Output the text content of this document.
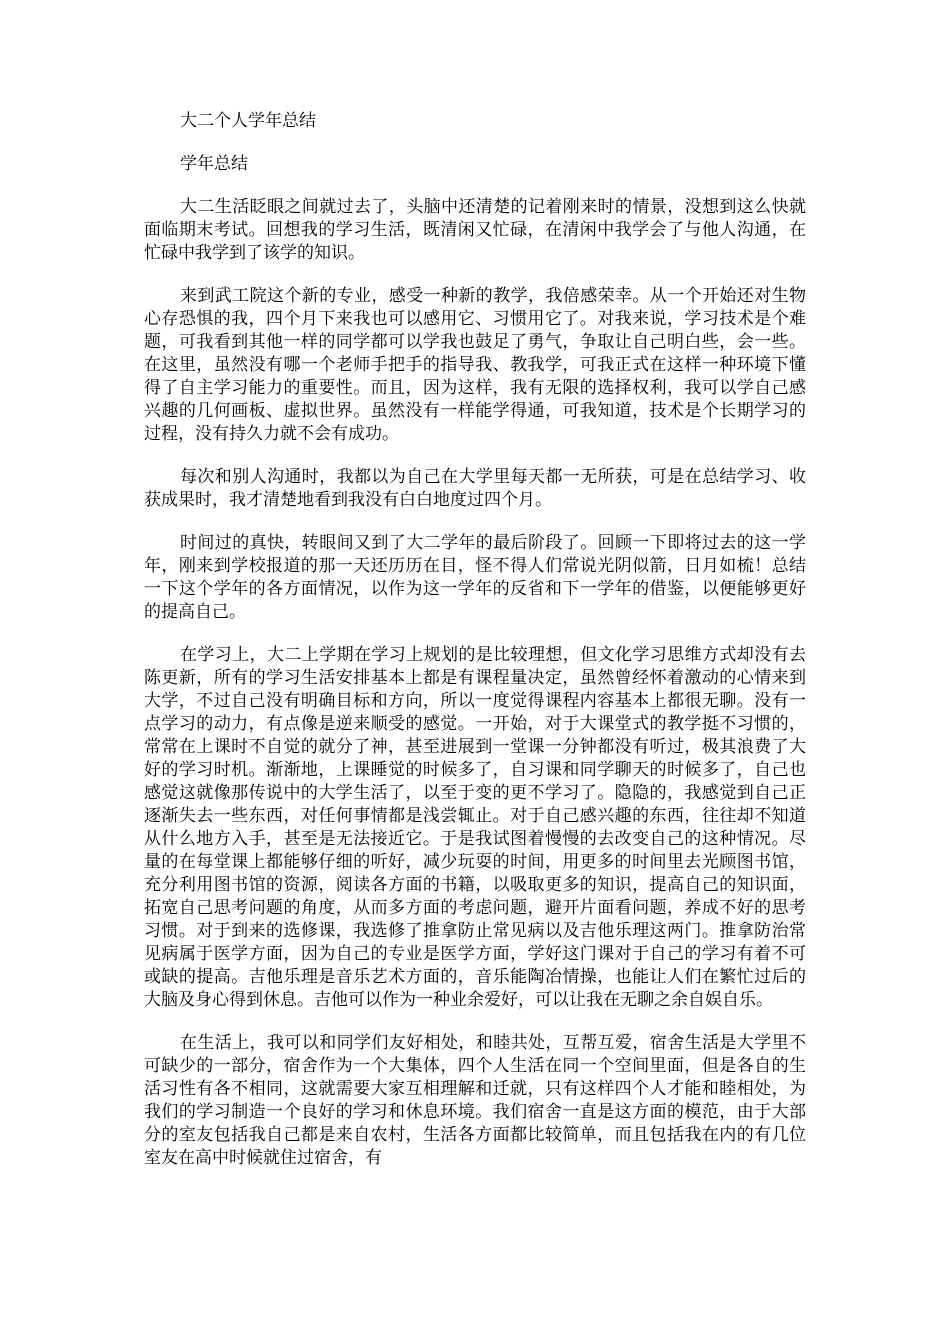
大二个人学年总结

学年总结

大二生活眨眼之间就过去了，头脑中还清楚的记着刚来时的情景，没想到这么快就面临期末考试。回想我的学习生活，既清闲又忙碌，在清闲中我学会了与他人沟通，在忙碌中我学到了该学的知识。

来到武工院这个新的专业，感受一种新的教学，我倍感荣幸。从一个开始还对生物心存恐惧的我，四个月下来我也可以感用它、习惯用它了。对我来说，学习技术是个难题，可我看到其他一样的同学都可以学我也鼓足了勇气，争取让自己明白些，会一些。在这里，虽然没有哪一个老师手把手的指导我、教我学，可我正式在这样一种环境下懂得了自主学习能力的重要性。而且，因为这样，我有无限的选择权利，我可以学自己感兴趣的几何画板、虚拟世界。虽然没有一样能学得通，可我知道，技术是个长期学习的过程，没有持久力就不会有成功。

每次和别人沟通时，我都以为自己在大学里每天都一无所获，可是在总结学习、收获成果时，我才清楚地看到我没有白白地度过四个月。

时间过的真快，转眼间又到了大二学年的最后阶段了。回顾一下即将过去的这一学年，刚来到学校报道的那一天还历历在目，怪不得人们常说光阴似箭，日月如梳！总结一下这个学年的各方面情况，以作为这一学年的反省和下一学年的借鉴，以便能够更好的提高自己。

在学习上，大二上学期在学习上规划的是比较理想，但文化学习思维方式却没有去陈更新，所有的学习生活安排基本上都是有课程量决定，虽然曾经怀着激动的心情来到大学，不过自己没有明确目标和方向，所以一度觉得课程内容基本上都很无聊。没有一点学习的动力，有点像是逆来顺受的感觉。一开始，对于大课堂式的教学挺不习惯的，常常在上课时不自觉的就分了神，甚至进展到一堂课一分钟都没有听过，极其浪费了大好的学习时机。渐渐地，上课睡觉的时候多了，自习课和同学聊天的时候多了，自己也感觉这就像那传说中的大学生活了，以至于变的更不学习了。隐隐的，我感觉到自己正逐渐失去一些东西，对任何事情都是浅尝辄止。对于自己感兴趣的东西，往往却不知道从什么地方入手，甚至是无法接近它。于是我试图着慢慢的去改变自己的这种情况。尽量的在每堂课上都能够仔细的听好，减少玩耍的时间，用更多的时间里去光顾图书馆，充分利用图书馆的资源，阅读各方面的书籍，以吸取更多的知识，提高自己的知识面，拓宽自己思考问题的角度，从而多方面的考虑问题，避开片面看问题，养成不好的思考习惯。对于到来的选修课，我选修了推拿防止常见病以及吉他乐理这两门。推拿防治常见病属于医学方面，因为自己的专业是医学方面，学好这门课对于自己的学习有着不可或缺的提高。吉他乐理是音乐艺术方面的，音乐能陶冶情操，也能让人们在繁忙过后的大脑及身心得到休息。吉他可以作为一种业余爱好，可以让我在无聊之余自娱自乐。

在生活上，我可以和同学们友好相处，和睦共处，互帮互爱，宿舍生活是大学里不可缺少的一部分，宿舍作为一个大集体，四个人生活在同一个空间里面，但是各自的生活习性有各不相同，这就需要大家互相理解和迁就，只有这样四个人才能和睦相处，为我们的学习制造一个良好的学习和休息环境。我们宿舍一直是这方面的模范，由于大部分的室友包括我自己都是来自农村，生活各方面都比较简单，而且包括我在内的有几位室友在高中时候就住过宿舍，有
